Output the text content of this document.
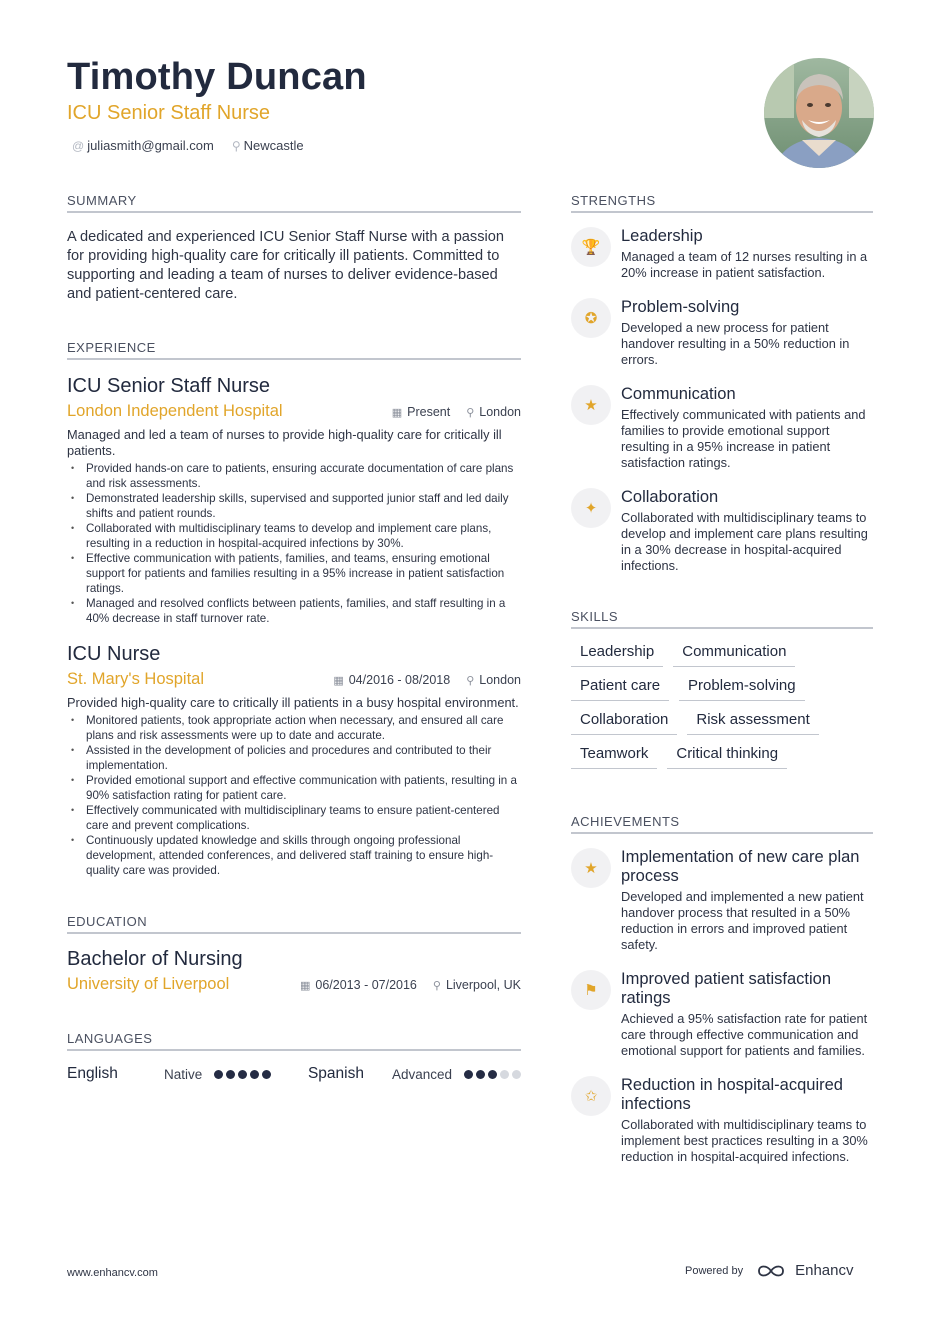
Timothy Duncan
ICU Senior Staff Nurse
@ juliasmith@gmail.com ⚲ Newcastle
SUMMARY
A dedicated and experienced ICU Senior Staff Nurse with a passion for providing high-quality care for critically ill patients. Committed to supporting and leading a team of nurses to deliver evidence-based and patient-centered care.
EXPERIENCE
ICU Senior Staff Nurse
London Independent Hospital	▦ Present ⚲ London
Managed and led a team of nurses to provide high-quality care for critically ill patients.
• Provided hands-on care to patients, ensuring accurate documentation of care plans and risk assessments.
• Demonstrated leadership skills, supervised and supported junior staff and led daily shifts and patient rounds.
• Collaborated with multidisciplinary teams to develop and implement care plans, resulting in a reduction in hospital-acquired infections by 30%.
• Effective communication with patients, families, and teams, ensuring emotional support for patients and families resulting in a 95% increase in patient satisfaction ratings.
• Managed and resolved conflicts between patients, families, and staff resulting in a 40% decrease in staff turnover rate.
ICU Nurse
St. Mary's Hospital	▦ 04/2016 - 08/2018 ⚲ London
Provided high-quality care to critically ill patients in a busy hospital environment.
• Monitored patients, took appropriate action when necessary, and ensured all care plans and risk assessments were up to date and accurate.
• Assisted in the development of policies and procedures and contributed to their implementation.
• Provided emotional support and effective communication with patients, resulting in a 90% satisfaction rating for patient care.
• Effectively communicated with multidisciplinary teams to ensure patient-centered care and prevent complications.
• Continuously updated knowledge and skills through ongoing professional development, attended conferences, and delivered staff training to ensure high-quality care was provided.
EDUCATION
Bachelor of Nursing
University of Liverpool	▦ 06/2013 - 07/2016 ⚲ Liverpool, UK
LANGUAGES
English	Native	Spanish	Advanced
STRENGTHS
🏆
Leadership
Managed a team of 12 nurses resulting in a 20% increase in patient satisfaction.
✪
Problem-solving
Developed a new process for patient handover resulting in a 50% reduction in errors.
★
Communication
Effectively communicated with patients and families to provide emotional support resulting in a 95% increase in patient satisfaction ratings.
✦
Collaboration
Collaborated with multidisciplinary teams to develop and implement care plans resulting in a 30% decrease in hospital-acquired infections.
SKILLS
Leadership	Communication
Patient care	Problem-solving
Collaboration	Risk assessment
Teamwork	Critical thinking
ACHIEVEMENTS
★
Implementation of new care plan process
Developed and implemented a new patient handover process that resulted in a 50% reduction in errors and improved patient safety.
⚑
Improved patient satisfaction ratings
Achieved a 95% satisfaction rate for patient care through effective communication and emotional support for patients and families.
✩
Reduction in hospital-acquired infections
Collaborated with multidisciplinary teams to implement best practices resulting in a 30% reduction in hospital-acquired infections.
www.enhancv.com	Powered by	Enhancv
